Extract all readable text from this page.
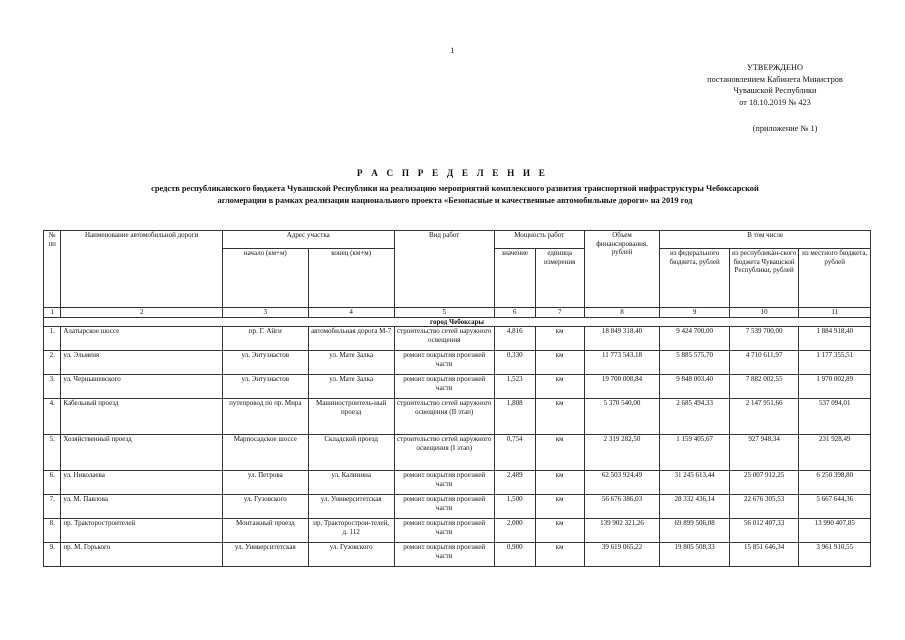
1
УТВЕРЖДЕНО
постановлением Кабинета Министров
Чувашской Республики
от 18.10.2019 № 423
(приложение № 1)
Р А С П Р Е Д Е Л Е Н И Е
средств республиканского бюджета Чувашской Республики на реализацию мероприятий комплексного развития транспортной инфраструктуры Чебоксарской
агломерации в рамках реализации национального проекта «Безопасные и качественные автомобильные дороги» на 2019 год
№ пп	Наименование автомобильной дороги	Адрес участка		Вид работ	Мощность работ		Объем финансирования, рублей	В том числе		
		начало (км+м)	конец (км+м)		значение	единица измерения		из федерального бюджета, рублей	из республикан-ского бюджета Чувашской Республики, рублей	из местного бюджета, рублей
1	2	3	4	5	6	7	8	9	10	11
город Чебоксары										
1.	Алатырское шоссе	пр. Г. Айги	автомобильная дорога М-7	строительство сетей наружного освещения	4,816	км	18 849 318,40	9 424 700,00	7 539 700,00	1 884 918,40
2.	ул. Эльменя	ул. Энтузиастов	ул. Мате Залка	ремонт покрытия проезжей части	0,330	км	11 773 543,18	5 885 575,70	4 710 611,97	1 177 355,51
3.	ул. Чернышевского	ул. Энтузиастов	ул. Мате Залка	ремонт покрытия проезжей части	1,523	км	19 700 008,84	9 848 003,40	7 882 002,55	1 970 002,89
4.	Кабельный проезд	путепровод по пр. Мира	Машиностроитель-ный проезд	строительство сетей наружного освещения (II этап)	1,808	км	5 370 540,00	2 685 494,33	2 147 951,66	537 094,01
5.	Хозяйственный проезд	Марпосадское шоссе	Складской проезд	строительство сетей наружного освещения (I этап)	0,754	км	2 319 282,50	1 159 405,67	927 948,34	231 928,49
6.	ул. Николаева	ул. Петрова	ул. Калинина	ремонт покрытия проезжей части	2,489	км	62 503 924,49	31 245 613,44	25 007 912,25	6 250 398,80
7.	ул. М. Павлова	ул. Гузовского	ул. Университетская	ремонт покрытия проезжей части	1,500	км	56 676 386,03	28 332 436,14	22 676 305,53	5 667 644,36
8.	пр. Тракторостроителей	Монтажный проезд	пр. Тракторострои-телей, д. 112	ремонт покрытия проезжей части	2,000	км	139 902 321,26	69 899 506,08	56 012 407,33	13 990 407,85
9.	пр. М. Горького	ул. Университетская	ул. Гузовского	ремонт покрытия проезжей части	0,900	км	39 619 065,22	19 805 508,33	15 851 646,34	3 961 910,55
